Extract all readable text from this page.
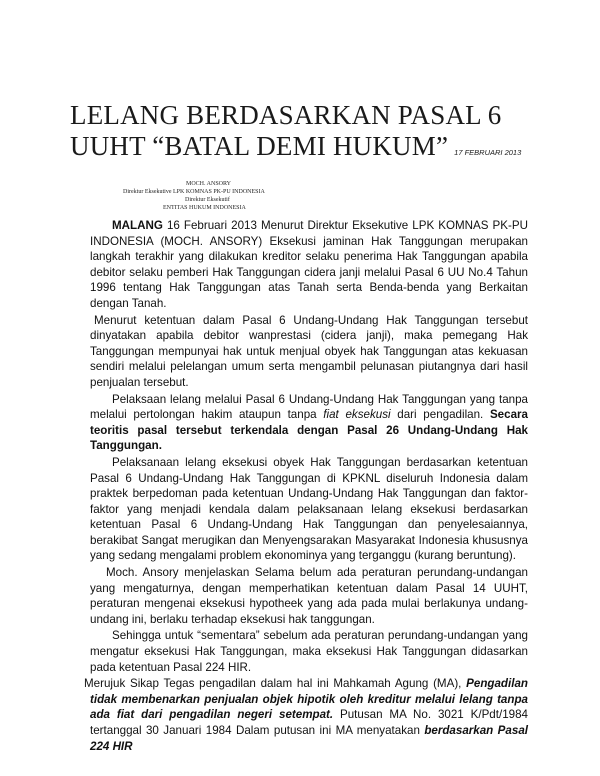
LELANG BERDASARKAN PASAL 6
UUHT “BATAL DEMI HUKUM” 17 FEBRUARI 2013
MOCH. ANSORY
Direktur Eksekutive LPK KOMNAS PK-PU INDONESIA
Direktur Eksekutif
ENTITAS HUKUM INDONESIA

MALANG 16 Februari 2013 Menurut Direktur Eksekutive LPK KOMNAS PK-PU INDONESIA (MOCH. ANSORY) Eksekusi jaminan Hak Tanggungan merupakan langkah terakhir yang dilakukan kreditor selaku penerima Hak Tanggungan apabila debitor selaku pemberi Hak Tanggungan cidera janji melalui Pasal 6 UU No.4 Tahun 1996 tentang Hak Tanggungan atas Tanah serta Benda-benda yang Berkaitan dengan Tanah.

Menurut ketentuan dalam Pasal 6 Undang-Undang Hak Tanggungan tersebut dinyatakan apabila debitor wanprestasi (cidera janji), maka pemegang Hak Tanggungan mempunyai hak untuk menjual obyek hak Tanggungan atas kekuasan sendiri melalui pelelangan umum serta mengambil pelunasan piutangnya dari hasil penjualan tersebut.

Pelaksaan lelang melalui Pasal 6 Undang-Undang Hak Tanggungan yang tanpa melalui pertolongan hakim ataupun tanpa fiat eksekusi dari pengadilan. Secara teoritis pasal tersebut terkendala dengan Pasal 26 Undang-Undang Hak Tanggungan.

Pelaksanaan lelang eksekusi obyek Hak Tanggungan berdasarkan ketentuan Pasal 6 Undang-Undang Hak Tanggungan di KPKNL diseluruh Indonesia dalam praktek berpedoman pada ketentuan Undang-Undang Hak Tanggungan dan faktor-faktor yang menjadi kendala dalam pelaksanaan lelang eksekusi berdasarkan ketentuan Pasal 6 Undang-Undang Hak Tanggungan dan penyelesaiannya, berakibat Sangat merugikan dan Menyengsarakan Masyarakat Indonesia khususnya yang sedang mengalami problem ekonominya yang terganggu (kurang beruntung).

Moch. Ansory menjelaskan Selama belum ada peraturan perundang-undangan yang mengaturnya, dengan memperhatikan ketentuan dalam Pasal 14 UUHT, peraturan mengenai eksekusi hypotheek yang ada pada mulai berlakunya undang-undang ini, berlaku terhadap eksekusi hak tanggungan.

Sehingga untuk “sementara” sebelum ada peraturan perundang-undangan yang mengatur eksekusi Hak Tanggungan, maka eksekusi Hak Tanggungan didasarkan pada ketentuan Pasal 224 HIR.

Merujuk Sikap Tegas pengadilan dalam hal ini Mahkamah Agung (MA), Pengadilan tidak membenarkan penjualan objek hipotik oleh kreditur melalui lelang tanpa ada fiat dari pengadilan negeri setempat. Putusan MA No. 3021 K/Pdt/1984 tertanggal 30 Januari 1984 Dalam putusan ini MA menyatakan berdasarkan Pasal 224 HIR
